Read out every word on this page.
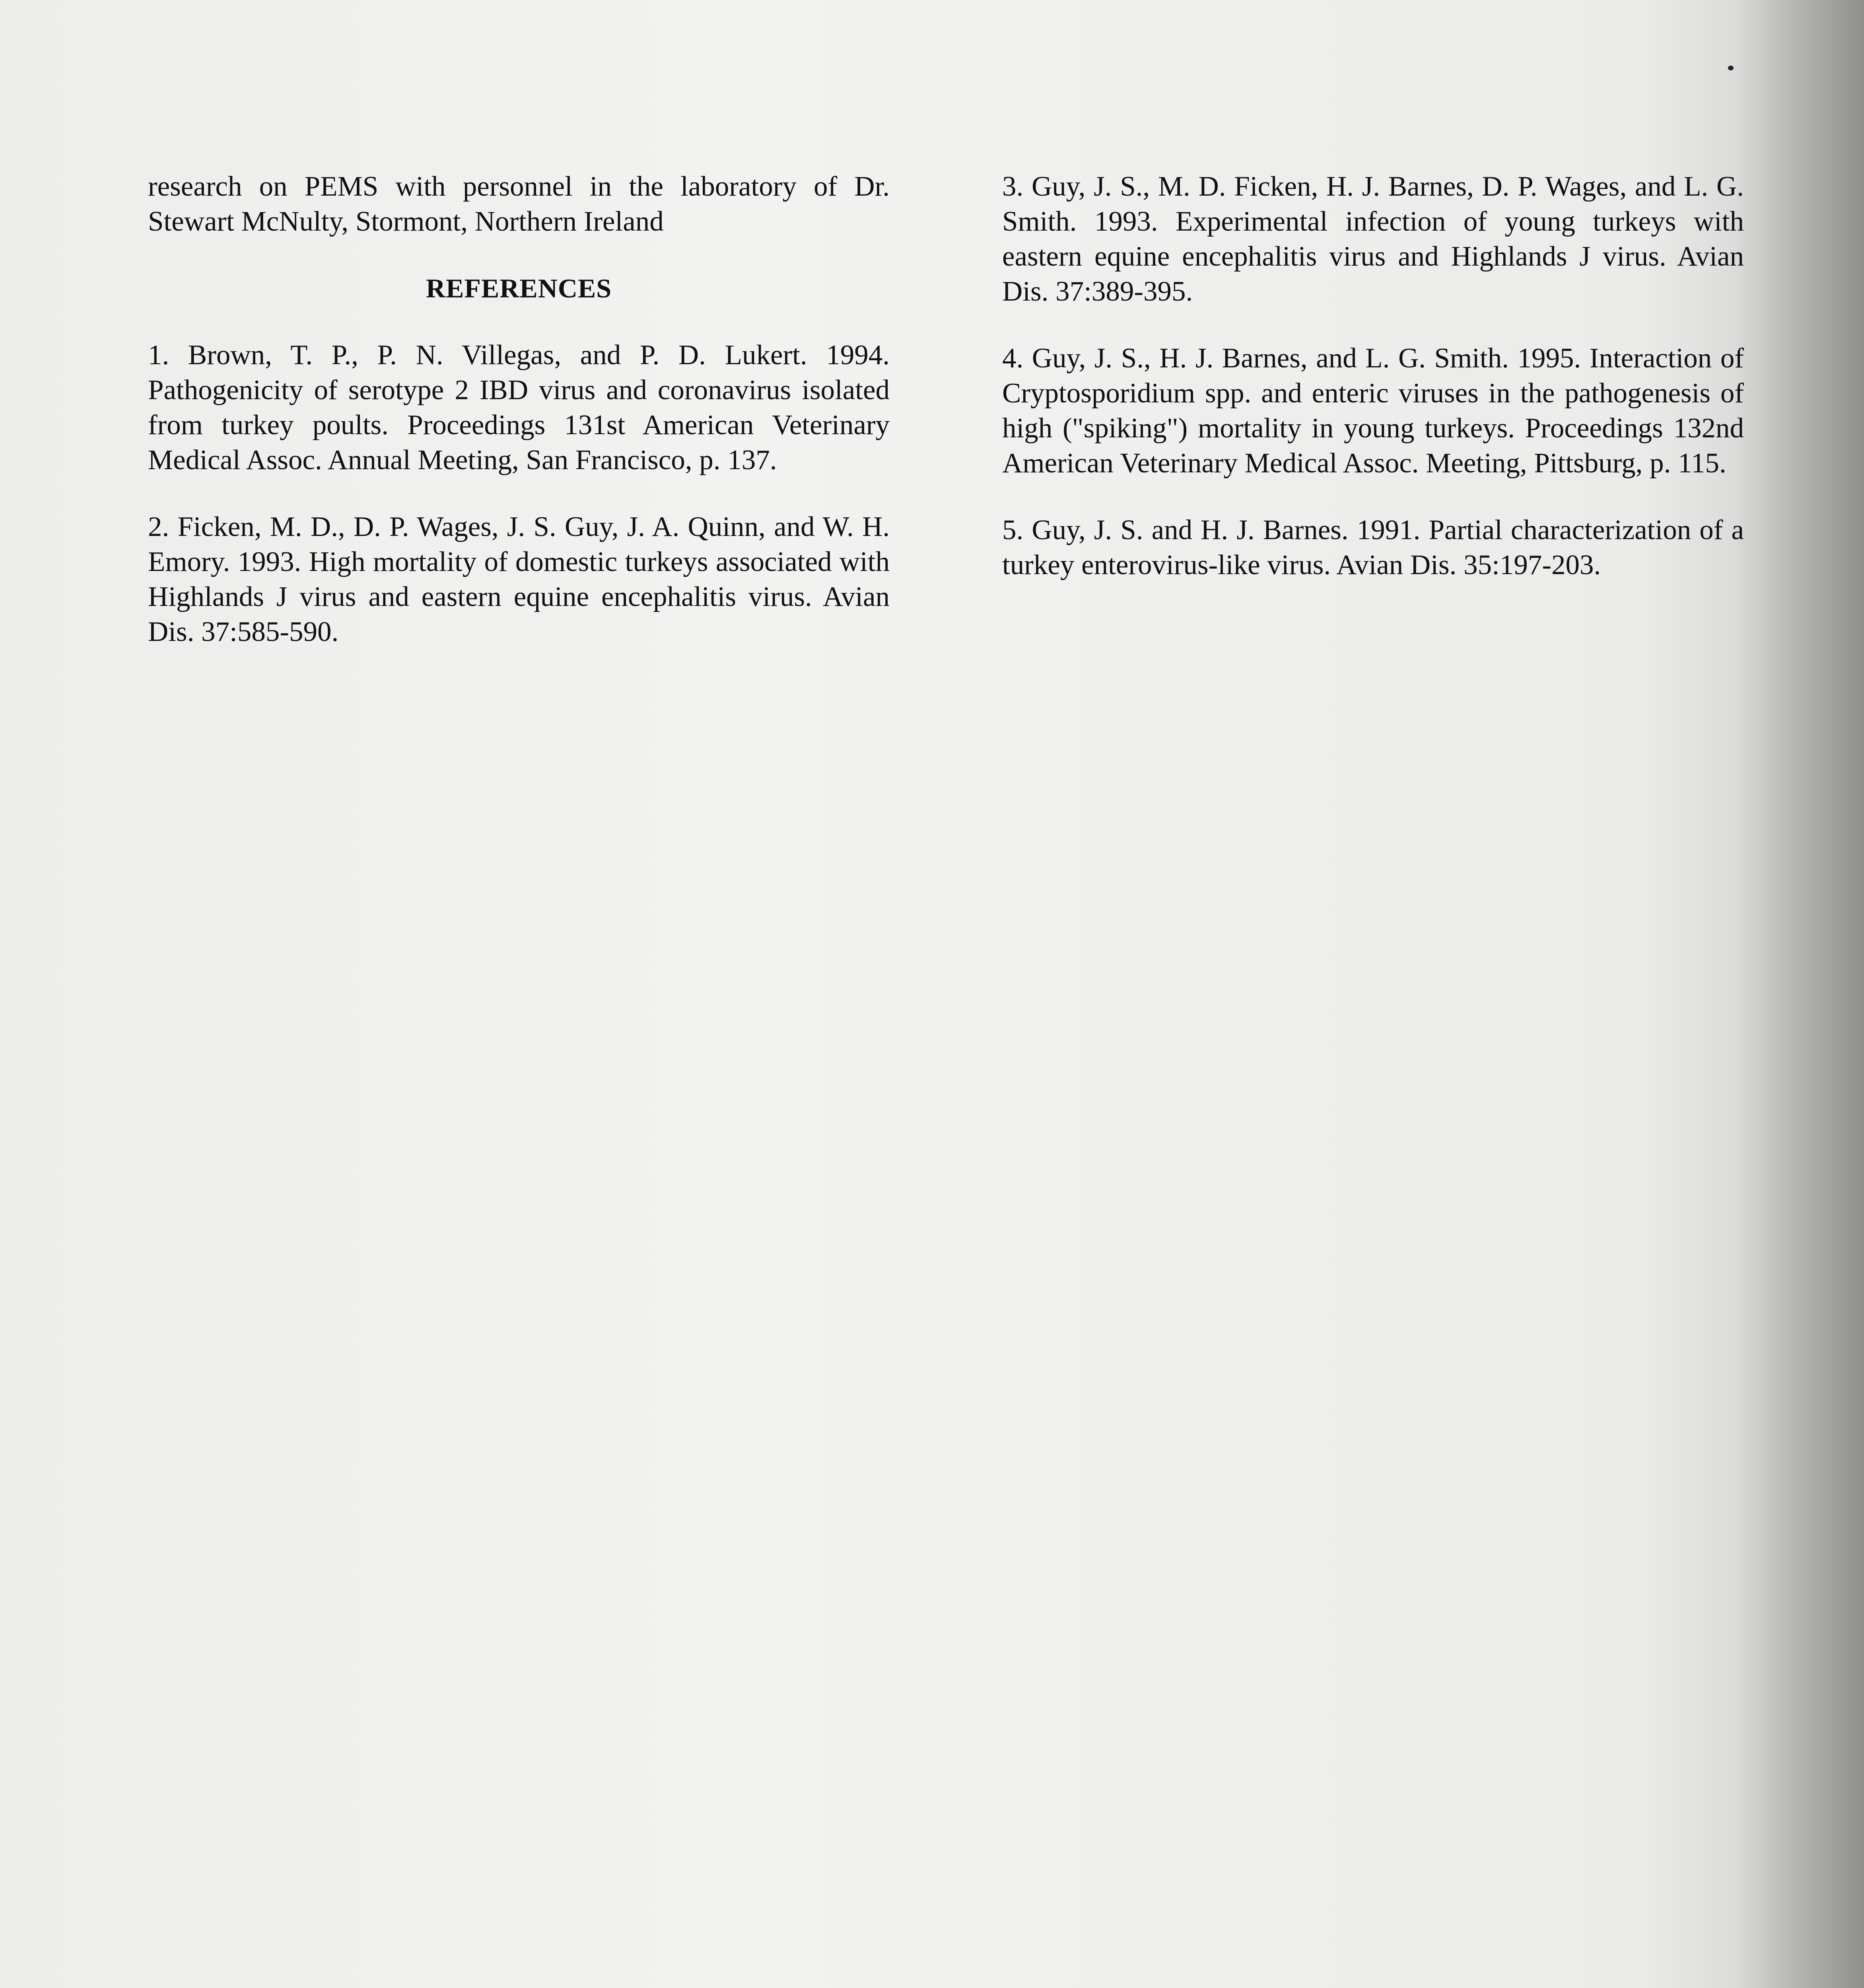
research on PEMS with personnel in the laboratory of Dr. Stewart McNulty, Stormont, Northern Ireland

REFERENCES

1. Brown, T. P., P. N. Villegas, and P. D. Lukert. 1994. Pathogenicity of serotype 2 IBD virus and coronavirus isolated from turkey poults. Proceedings 131st American Veterinary Medical Assoc. Annual Meeting, San Francisco, p. 137.

2. Ficken, M. D., D. P. Wages, J. S. Guy, J. A. Quinn, and W. H. Emory. 1993. High mortality of domestic turkeys associated with Highlands J virus and eastern equine encephalitis virus. Avian Dis. 37:585-590.

3. Guy, J. S., M. D. Ficken, H. J. Barnes, D. P. Wages, and L. G. Smith. 1993. Experimental infection of young turkeys with eastern equine encephalitis virus and Highlands J virus. Avian Dis. 37:389-395.

4. Guy, J. S., H. J. Barnes, and L. G. Smith. 1995. Interaction of Cryptosporidium spp. and enteric viruses in the pathogenesis of high ("spiking") mortality in young turkeys. Proceedings 132nd American Veterinary Medical Assoc. Meeting, Pittsburg, p. 115.

5. Guy, J. S. and H. J. Barnes. 1991. Partial characterization of a turkey enterovirus-like virus. Avian Dis. 35:197-203.
